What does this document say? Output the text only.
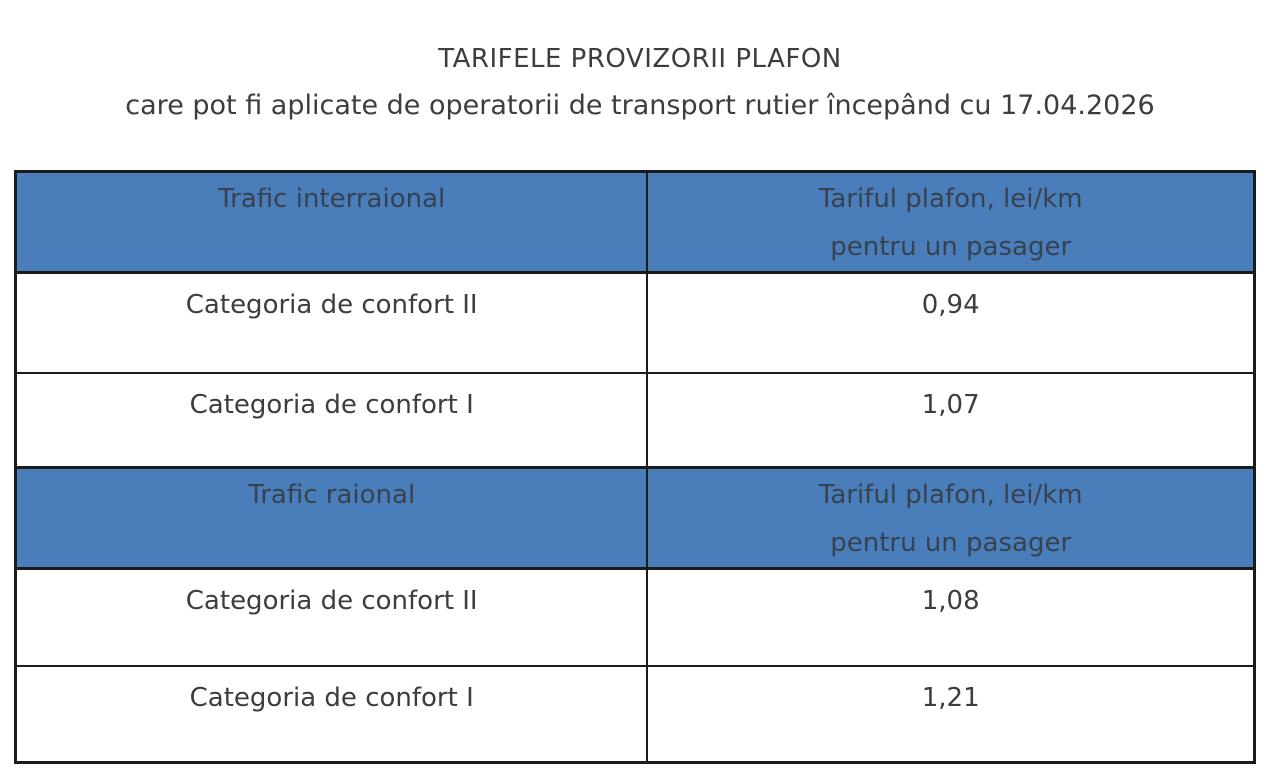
TARIFELE PROVIZORII PLAFON
care pot fi aplicate de operatorii de transport rutier începând cu 17.04.2026
Trafic interraional	Tariful plafon, lei/km
pentru un pasager

Categoria de confort II	0,94

Categoria de confort I	1,07

Trafic raional	Tariful plafon, lei/km
pentru un pasager

Categoria de confort II	1,08

Categoria de confort I	1,21
